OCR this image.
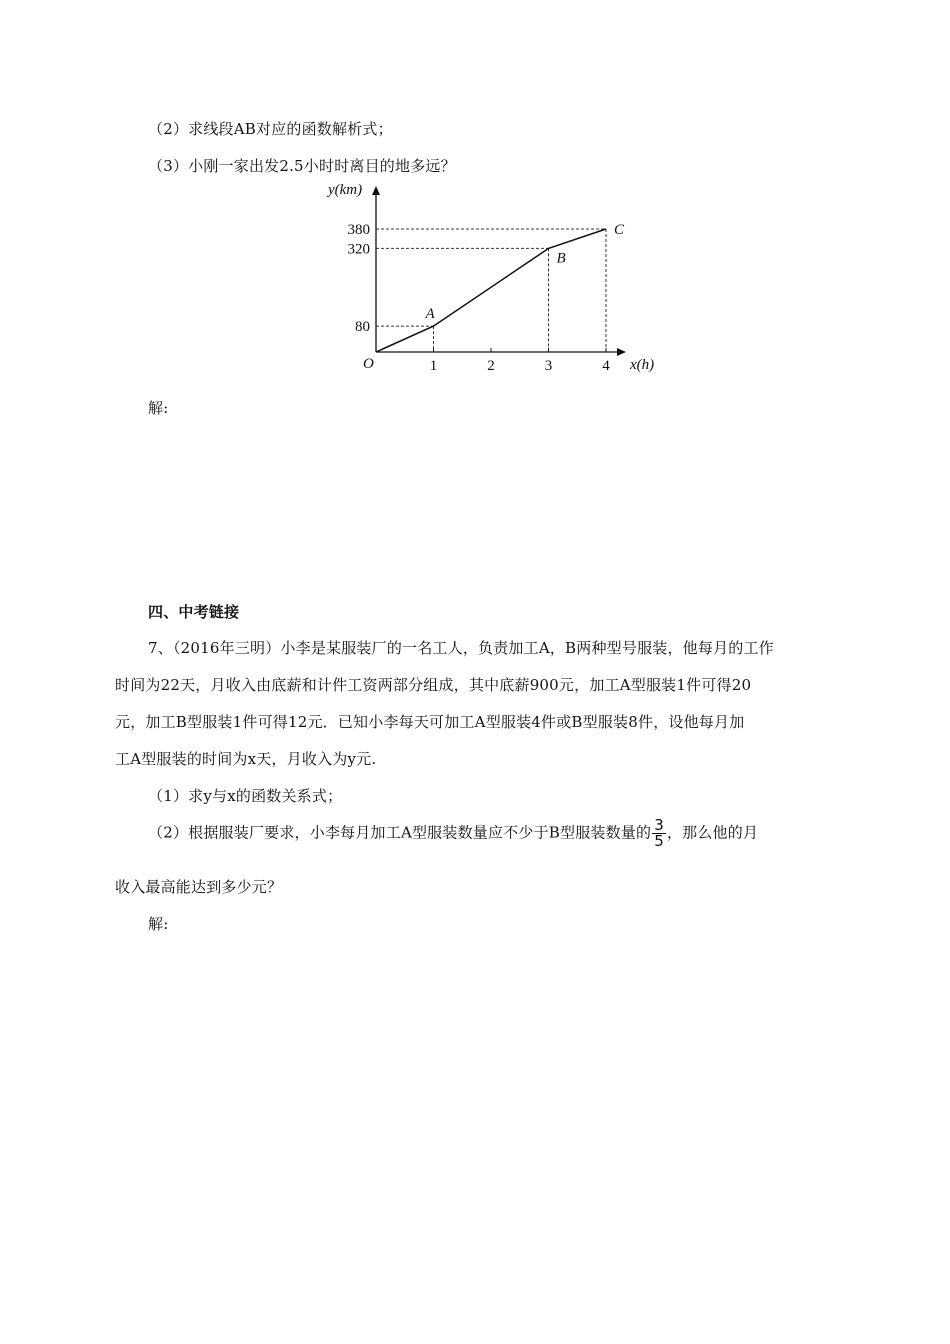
（2）求线段AB对应的函数解析式；
（3）小刚一家出发2.5小时时离目的地多远？
y(km)
x(h)
O	1	2	3	4
80
320
380
A
B
C
解:
四、中考链接
7、（2016年三明）小李是某服装厂的一名工人，负责加工A，B两种型号服装，他每月的工作
时间为22天，月收入由底薪和计件工资两部分组成，其中底薪900元，加工A型服装1件可得20
元，加工B型服装1件可得12元．已知小李每天可加工A型服装4件或B型服装8件，设他每月加
工A型服装的时间为x天，月收入为y元.
（1）求y与x的函数关系式；
（2）根据服装厂要求，小李每月加工A型服装数量应不少于B型服装数量的 $\frac{3}{5}$ ，那么他的月
收入最高能达到多少元？
解:
